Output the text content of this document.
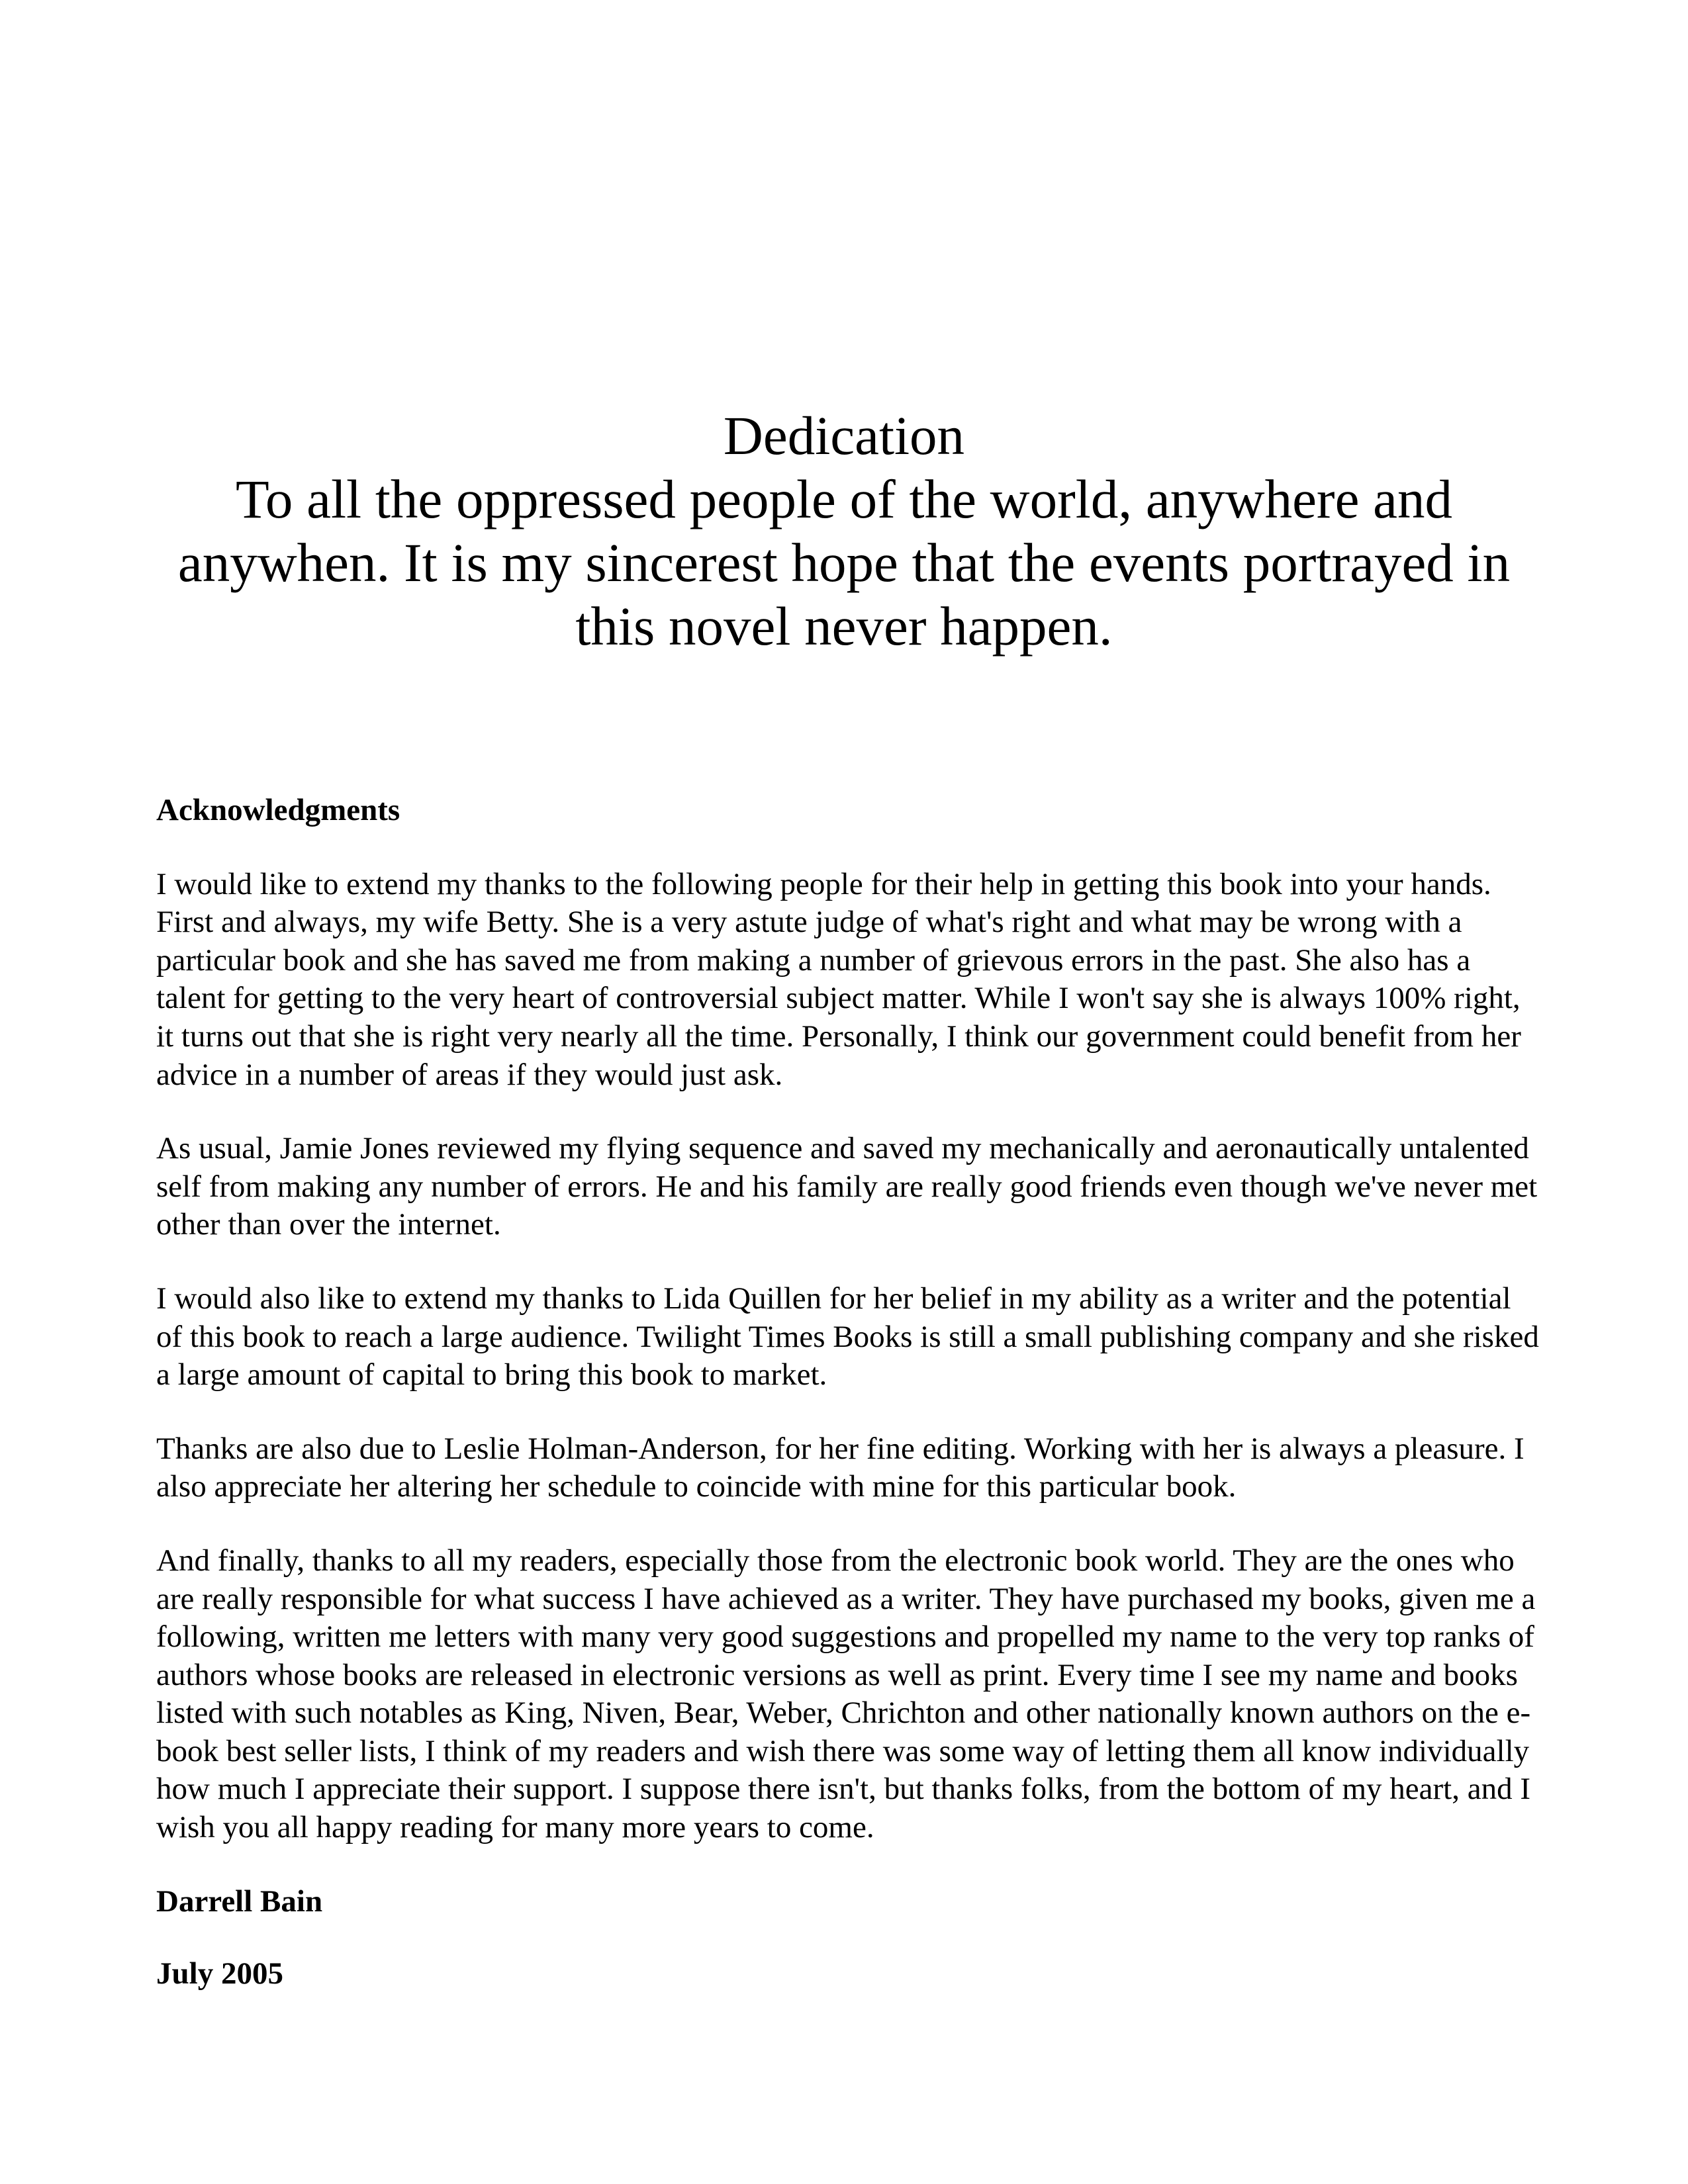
Dedication
To all the oppressed people of the world, anywhere and anywhen. It is my sincerest hope that the events portrayed in this novel never happen.
Acknowledgments

I would like to extend my thanks to the following people for their help in getting this book into your hands. First and always, my wife Betty. She is a very astute judge of what's right and what may be wrong with a particular book and she has saved me from making a number of grievous errors in the past. She also has a talent for getting to the very heart of controversial subject matter. While I won't say she is always 100% right, it turns out that she is right very nearly all the time. Personally, I think our government could benefit from her advice in a number of areas if they would just ask.

As usual, Jamie Jones reviewed my flying sequence and saved my mechanically and aeronautically untalented self from making any number of errors. He and his family are really good friends even though we've never met other than over the internet.

I would also like to extend my thanks to Lida Quillen for her belief in my ability as a writer and the potential of this book to reach a large audience. Twilight Times Books is still a small publishing company and she risked a large amount of capital to bring this book to market.

Thanks are also due to Leslie Holman-Anderson, for her fine editing. Working with her is always a pleasure. I also appreciate her altering her schedule to coincide with mine for this particular book.

And finally, thanks to all my readers, especially those from the electronic book world. They are the ones who are really responsible for what success I have achieved as a writer. They have purchased my books, given me a following, written me letters with many very good suggestions and propelled my name to the very top ranks of authors whose books are released in electronic versions as well as print. Every time I see my name and books listed with such notables as King, Niven, Bear, Weber, Chrichton and other nationally known authors on the e-book best seller lists, I think of my readers and wish there was some way of letting them all know individually how much I appreciate their support. I suppose there isn't, but thanks folks, from the bottom of my heart, and I wish you all happy reading for many more years to come.

Darrell Bain

July 2005
